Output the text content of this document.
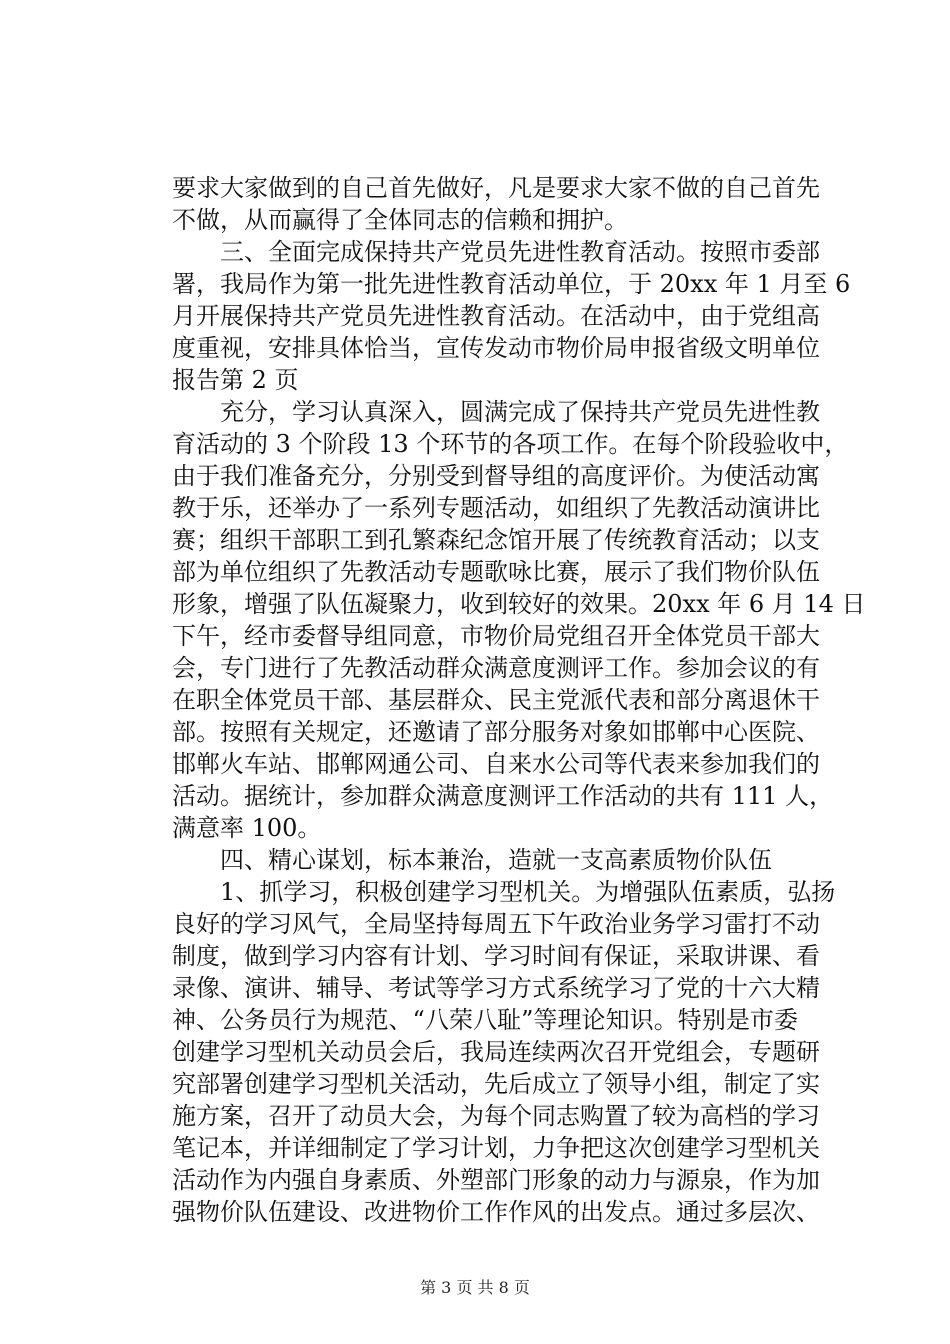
要求大家做到的自己首先做好，凡是要求大家不做的自己首先
不做，从而赢得了全体同志的信赖和拥护。
　　三、全面完成保持共产党员先进性教育活动。按照市委部
署，我局作为第一批先进性教育活动单位，于 20xx 年 1 月至 6
月开展保持共产党员先进性教育活动。在活动中，由于党组高
度重视，安排具体恰当，宣传发动市物价局申报省级文明单位
报告第 2 页
　　充分，学习认真深入，圆满完成了保持共产党员先进性教
育活动的 3 个阶段 13 个环节的各项工作。在每个阶段验收中，
由于我们准备充分，分别受到督导组的高度评价。为使活动寓
教于乐，还举办了一系列专题活动，如组织了先教活动演讲比
赛；组织干部职工到孔繁森纪念馆开展了传统教育活动；以支
部为单位组织了先教活动专题歌咏比赛，展示了我们物价队伍
形象，增强了队伍凝聚力，收到较好的效果。20xx 年 6 月 14 日
下午，经市委督导组同意，市物价局党组召开全体党员干部大
会，专门进行了先教活动群众满意度测评工作。参加会议的有
在职全体党员干部、基层群众、民主党派代表和部分离退休干
部。按照有关规定，还邀请了部分服务对象如邯郸中心医院、
邯郸火车站、邯郸网通公司、自来水公司等代表来参加我们的
活动。据统计，参加群众满意度测评工作活动的共有 111 人，
满意率 100。
　　四、精心谋划，标本兼治，造就一支高素质物价队伍
　　1、抓学习，积极创建学习型机关。为增强队伍素质，弘扬
良好的学习风气，全局坚持每周五下午政治业务学习雷打不动
制度，做到学习内容有计划、学习时间有保证，采取讲课、看
录像、演讲、辅导、考试等学习方式系统学习了党的十六大精
神、公务员行为规范、“八荣八耻”等理论知识。特别是市委
创建学习型机关动员会后，我局连续两次召开党组会，专题研
究部署创建学习型机关活动，先后成立了领导小组，制定了实
施方案，召开了动员大会，为每个同志购置了较为高档的学习
笔记本，并详细制定了学习计划，力争把这次创建学习型机关
活动作为内强自身素质、外塑部门形象的动力与源泉，作为加
强物价队伍建设、改进物价工作作风的出发点。通过多层次、
第 3 页 共 8 页
